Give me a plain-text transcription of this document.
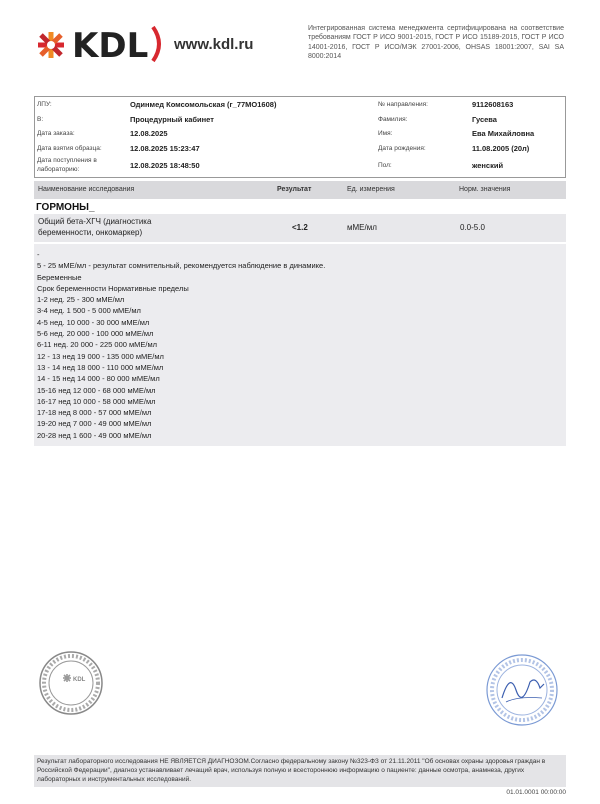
KDL www.kdl.ru
Интегрированная система менеджмента сертифицирована на соответствие требованиям ГОСТ Р ИСО 9001-2015, ГОСТ Р ИСО 15189-2015, ГОСТ Р ИСО 14001-2016, ГОСТ Р ИСО/МЭК 27001-2006, OHSAS 18001:2007, SAI SA 8000:2014
ЛПУ:	Одинмед Комсомольская (г_77МО1608)
В:	Процедурный кабинет
Дата заказа:	12.08.2025
Дата взятия образца:	12.08.2025 15:23:47
Дата поступления в
лабораторию:	12.08.2025 18:48:50
№ направления:	9112608163
Фамилия:	Гусева
Имя:	Ева Михайловна
Дата рождения:	11.08.2005 (20л)
Пол:	женский
Наименование исследования	Результат	Ед. измерения	Норм. значения
ГОРМОНЫ_
Общий бета-ХГЧ (диагностика
беременности, онкомаркер)
<1.2	мМЕ/мл	0.0-5.0
-
5 - 25 мМЕ/мл - результат сомнительный, рекомендуется наблюдение в динамике.
Беременные
Срок беременности Нормативные пределы
1-2 нед. 25 - 300 мМЕ/мл
3-4 нед. 1 500 - 5 000 мМЕ/мл
4-5 нед. 10 000 - 30 000 мМЕ/мл
5-6 нед. 20 000 - 100 000 мМЕ/мл
6-11 нед. 20 000 - 225 000 мМЕ/мл
12 - 13 нед 19 000 - 135 000 мМЕ/мл
13 - 14 нед 18 000 - 110 000 мМЕ/мл
14 - 15 нед 14 000 - 80 000 мМЕ/мл
15-16 нед 12 000 - 68 000 мМЕ/мл
16-17 нед 10 000 - 58 000 мМЕ/мл
17-18 нед 8 000 - 57 000 мМЕ/мл
19-20 нед 7 000 - 49 000 мМЕ/мл
20-28 нед 1 600 - 49 000 мМЕ/мл
KDL
Результат лабораторного исследования НЕ ЯВЛЯЕТСЯ ДИАГНОЗОМ.Согласно федеральному закону №323-ФЗ от 21.11.2011 "Об основах охраны здоровья граждан в Российской Федерации", диагноз устанавливает лечащий врач, используя полную и всестороннюю информацию о пациенте: данные осмотра, анамнеза, других лабораторных и инструментальных исследований.
01.01.0001 00:00:00
